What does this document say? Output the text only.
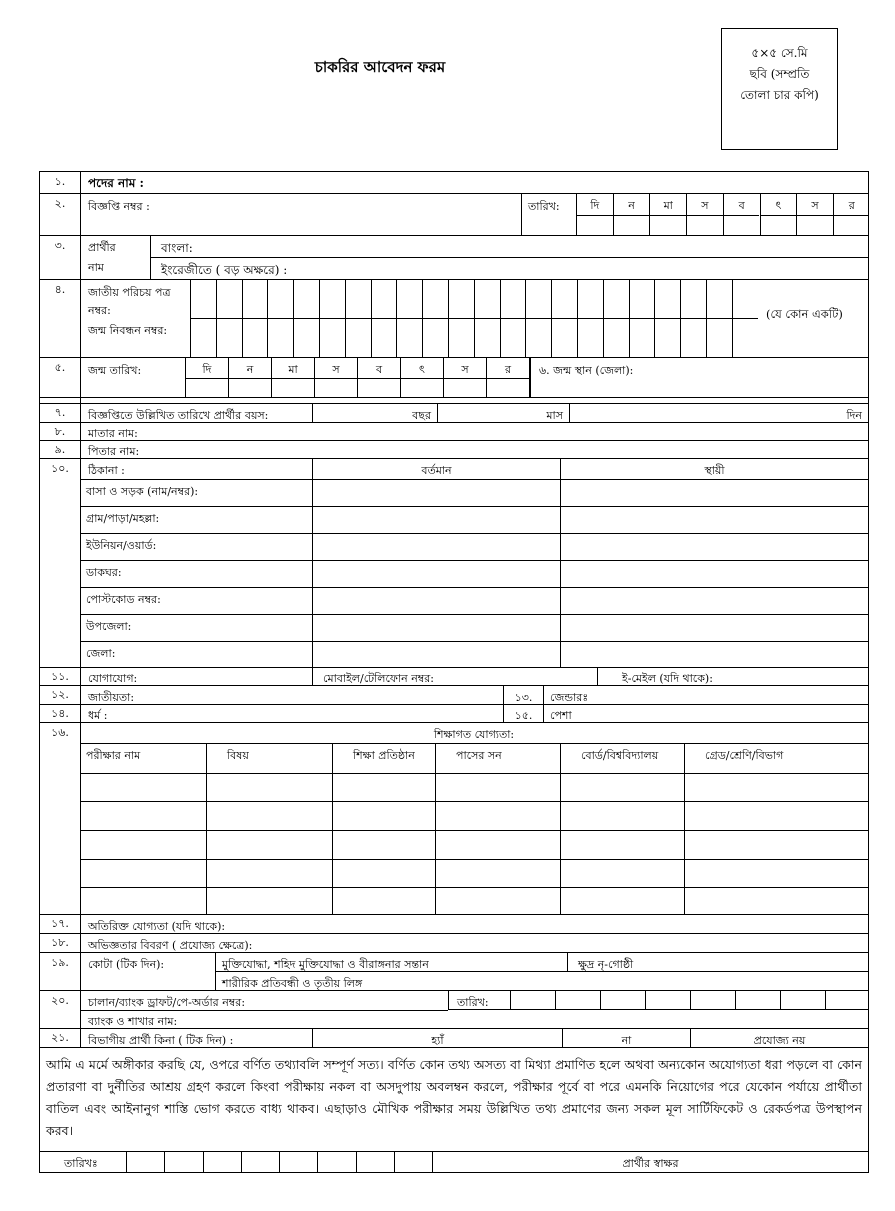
চাকরির আবেদন ফরম
৫×৫ সে.মি
ছবি (সম্প্রতি
তোলা চার কপি)
১.	পদের নাম :
২.	বিজ্ঞপ্তি নম্বর :	তারিখ:	দি	ন	মা	স	ব	ৎ	স	র
৩.	প্রার্থীর
নাম
বাংলা:
ইংরেজীতে ( বড় অক্ষরে) :
৪.	জাতীয় পরিচয় পত্র
নম্বর:
জন্ম নিবন্ধন নম্বর:
(যে কোন একটি)
৫.	জন্ম তারিখ:	দি	ন	মা	স	ব	ৎ	স	র	৬. জন্ম স্থান (জেলা):
৭.	বিজ্ঞপ্তিতে উল্লিখিত তারিখে প্রার্থীর বয়স:	বছর	মাস	দিন
৮.	মাতার নাম:
৯.	পিতার নাম:
১০.	ঠিকানা :	বর্তমান	স্থায়ী
বাসা ও সড়ক (নাম/নম্বর):
গ্রাম/পাড়া/মহল্লা:
ইউনিয়ন/ওয়ার্ড:
ডাকঘর:
পোস্টকোড নম্বর:
উপজেলা:
জেলা:
১১.	যোগাযোগ:	মোবাইল/টেলিফোন নম্বর:	ই-মেইল (যদি থাকে):
১২.	জাতীয়তা:	১৩.	জেন্ডারঃ
১৪.	ধর্ম :	১৫.	পেশা
১৬.	শিক্ষাগত যোগ্যতা:
পরীক্ষার নাম	বিষয়	শিক্ষা প্রতিষ্ঠান	পাসের সন	বোর্ড/বিশ্ববিদ্যালয়	গ্রেড/শ্রেণি/বিভাগ
১৭.	অতিরিক্ত যোগ্যতা (যদি থাকে):
১৮.	অভিজ্ঞতার বিবরণ ( প্রযোজ্য ক্ষেত্রে):
১৯.	কোটা (টিক দিন):	মুক্তিযোদ্ধা, শহিদ মুক্তিযোদ্ধা ও বীরাঙ্গনার সন্তান	ক্ষুদ্র নৃ-গোষ্ঠী
শারীরিক প্রতিবন্ধী ও তৃতীয় লিঙ্গ
২০.	চালান/ব্যাংক ড্রাফট/পে-অর্ডার নম্বর:	তারিখ:
ব্যাংক ও শাখার নাম:
২১.	বিভাগীয় প্রার্থী কিনা ( টিক দিন) :	হ্যাঁ	না	প্রযোজ্য নয়
আমি এ মর্মে অঙ্গীকার করছি যে, ওপরে বর্ণিত তথ্যাবলি সম্পূর্ণ সত্য। বর্ণিত কোন তথ্য অসত্য বা মিথ্যা প্রমাণিত হলে অথবা অন্যকোন অযোগ্যতা ধরা পড়লে বা কোন প্রতারণা বা দুর্নীতির আশ্রয় গ্রহণ করলে কিংবা পরীক্ষায় নকল বা অসদুপায় অবলম্বন করলে, পরীক্ষার পূর্বে বা পরে এমনকি নিয়োগের পরে যেকোন পর্যায়ে প্রার্থীতা বাতিল এবং আইনানুগ শাস্তি ভোগ করতে বাধ্য থাকব। এছাড়াও মৌখিক পরীক্ষার সময় উল্লিখিত তথ্য প্রমাণের জন্য সকল মূল সার্টিফিকেট ও রেকর্ডপত্র উপস্থাপন করব।
তারিখঃ	প্রার্থীর স্বাক্ষর
